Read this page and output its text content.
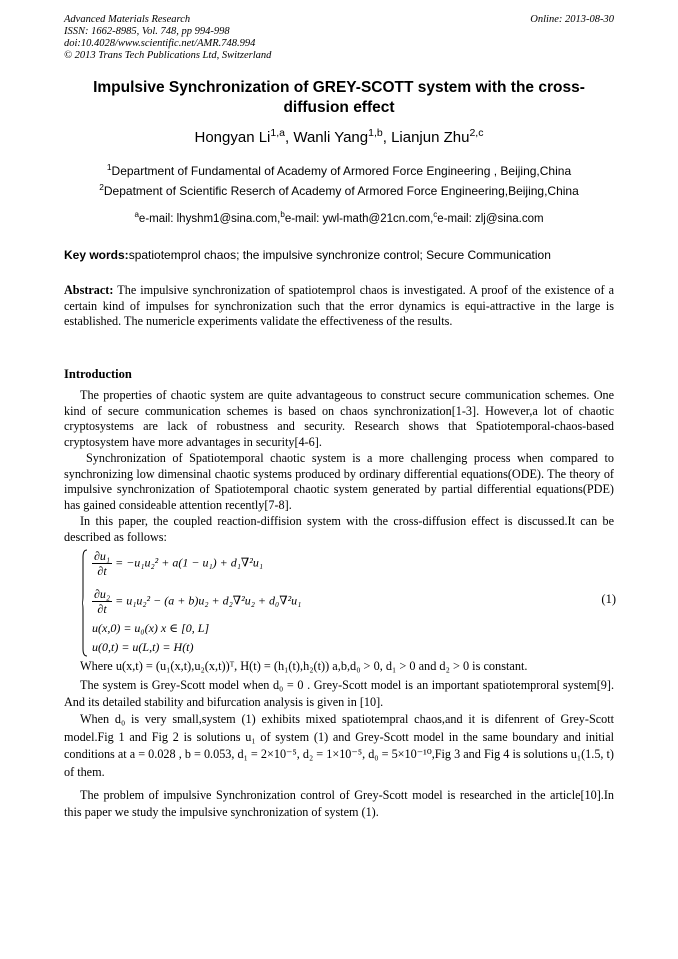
Advanced Materials Research
ISSN: 1662-8985, Vol. 748, pp 994-998
doi:10.4028/www.scientific.net/AMR.748.994
© 2013 Trans Tech Publications Ltd, Switzerland
Online: 2013-08-30
Impulsive Synchronization of GREY-SCOTT system with the cross-
diffusion effect
Hongyan Li$^{1,a}$, Wanli Yang$^{1,b}$, Lianjun Zhu$^{2,c}$
$^1$Department of Fundamental of Academy of Armored Force Engineering , Beijing,China
$^2$Depatment of Scientific Reserch of Academy of Armored Force Engineering,Beijing,China
$^a$e-mail: lhyshm1@sina.com,$^b$e-mail: ywl-math@21cn.com,$^c$e-mail: zlj@sina.com
Key words:spatiotemprol chaos; the impulsive synchronize control; Secure Communication
Abstract: The impulsive synchronization of spatiotemprol chaos is investigated. A proof of the existence of a certain kind of impulses for synchronization such that the error dynamics is equi-attractive in the large is established. The numericle experiments validate the effectiveness of the results.
Introduction
The properties of chaotic system are quite advantageous to construct secure communication schemes. One kind of secure communication schemes is based on chaos synchronization[1-3]. However,a lot of chaotic cryptosystems are lack of robustness and security. Research shows that Spatiotemporal-chaos-based cryptosystem have more advantages in security[4-6].
Synchronization of Spatiotemporal chaotic system is a more challenging process when compared to synchronizing low dimensinal chaotic systems produced by ordinary differential equations(ODE). The theory of impulsive synchronization of Spatiotemporal chaotic system generated by partial differential equations(PDE) has gained consideable attention recently[7-8].
In this paper, the coupled reaction-diffision system with the cross-diffusion effect is discussed.It can be described as follows:
$\frac{\text{∂u₁}}{\partial t} = -u_1u_2^2 + a(1 - u_1) + d_1\nabla^2u_1$
$\frac{\text{∂u₂}}{\partial t} = u_1u_2^2 - (a + b)u_2 + d_2\nabla^2u_2 + d_0\nabla^2u_1$
u(x,0) = u₀(x) x ∈ [0, L]
u(0,t) = u(L,t) = H(t)
(1)
Where u(x,t) = (u₁(x,t),u₂(x,t))ᵀ, H(t) = (h₁(t),h₂(t)) a,b,d₀ > 0, d₁ > 0 and d₂ > 0 is constant.
The system is Grey-Scott model when d₀ = 0 . Grey-Scott model is an important spatiotemproral system[9]. And its detailed stability and bifurcation analysis is given in [10].
When d₀ is very small,system (1) exhibits mixed spatiotempral chaos,and it is difenrent of Grey-Scott model.Fig 1 and Fig 2 is solutions u₁ of system (1) and Grey-Scott model in the same boundary and initial conditions at a = 0.028 , b = 0.053, d₁ = 2×10⁻⁵, d₂ = 1×10⁻⁵, d₀ = 5×10⁻¹⁰,Fig 3 and Fig 4 is solutions u₁(1.5, t) of them.
The problem of impulsive Synchronization control of Grey-Scott model is researched in the article[10].In this paper we study the impulsive synchronization of system (1).
